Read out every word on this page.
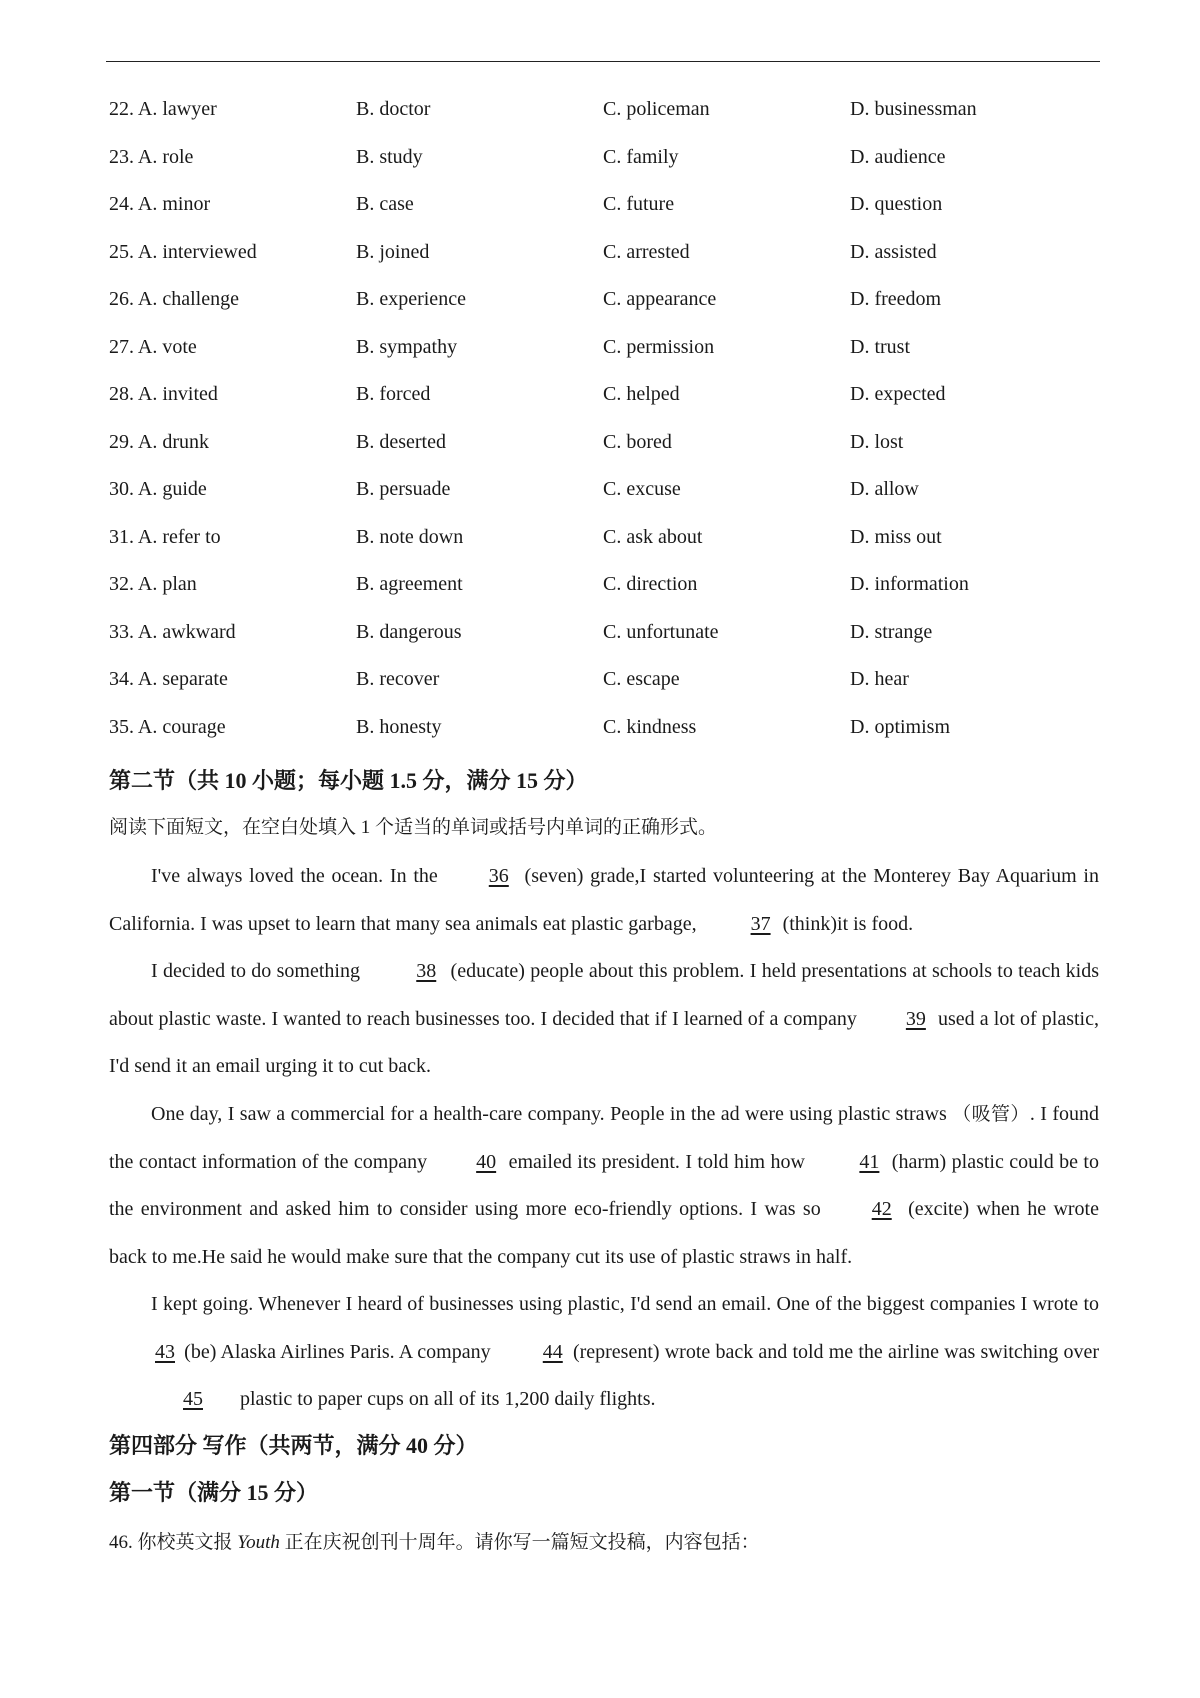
22. A. lawyer	B. doctor	C. policeman	D. businessman
23. A. role	B. study	C. family	D. audience
24. A. minor	B. case	C. future	D. question
25. A. interviewed	B. joined	C. arrested	D. assisted
26. A. challenge	B. experience	C. appearance	D. freedom
27. A. vote	B. sympathy	C. permission	D. trust
28. A. invited	B. forced	C. helped	D. expected
29. A. drunk	B. deserted	C. bored	D. lost
30. A. guide	B. persuade	C. excuse	D. allow
31. A. refer to	B. note down	C. ask about	D. miss out
32. A. plan	B. agreement	C. direction	D. information
33. A. awkward	B. dangerous	C. unfortunate	D. strange
34. A. separate	B. recover	C. escape	D. hear
35. A. courage	B. honesty	C. kindness	D. optimism
第二节（共 10 小题；每小题 1.5 分，满分 15 分）
阅读下面短文，在空白处填入 1 个适当的单词或括号内单词的正确形式。
I've always loved the ocean. In the	36 (seven) grade,I started volunteering at the Monterey Bay Aquarium in California. I was upset to learn that many sea animals eat plastic garbage, 37 (think)it is food.
I decided to do something	38 (educate) people about this problem. I held presentations at schools to teach kids about plastic waste. I wanted to reach businesses too. I decided that if I learned of a company 39 used a lot of plastic, I'd send it an email urging it to cut back.
One day, I saw a commercial for a health-care company. People in the ad were using plastic straws （吸管）. I found the contact information of the company 40 emailed its president. I told him how 41 (harm) plastic could be to the environment and asked him to consider using more eco-friendly options. I was so	42 (excite) when he wrote back to me.He said he would make sure that the company cut its use of plastic straws in half.
I kept going. Whenever I heard of businesses using plastic, I'd send an email. One of the biggest companies I wrote to 43 (be) Alaska Airlines Paris. A company 44 (represent) wrote back and told me the airline was switching over 45 plastic to paper cups on all of its 1,200 daily flights.
第四部分 写作（共两节，满分 40 分）
第一节（满分 15 分）
46. 你校英文报 Youth 正在庆祝创刊十周年。请你写一篇短文投稿，内容包括：
